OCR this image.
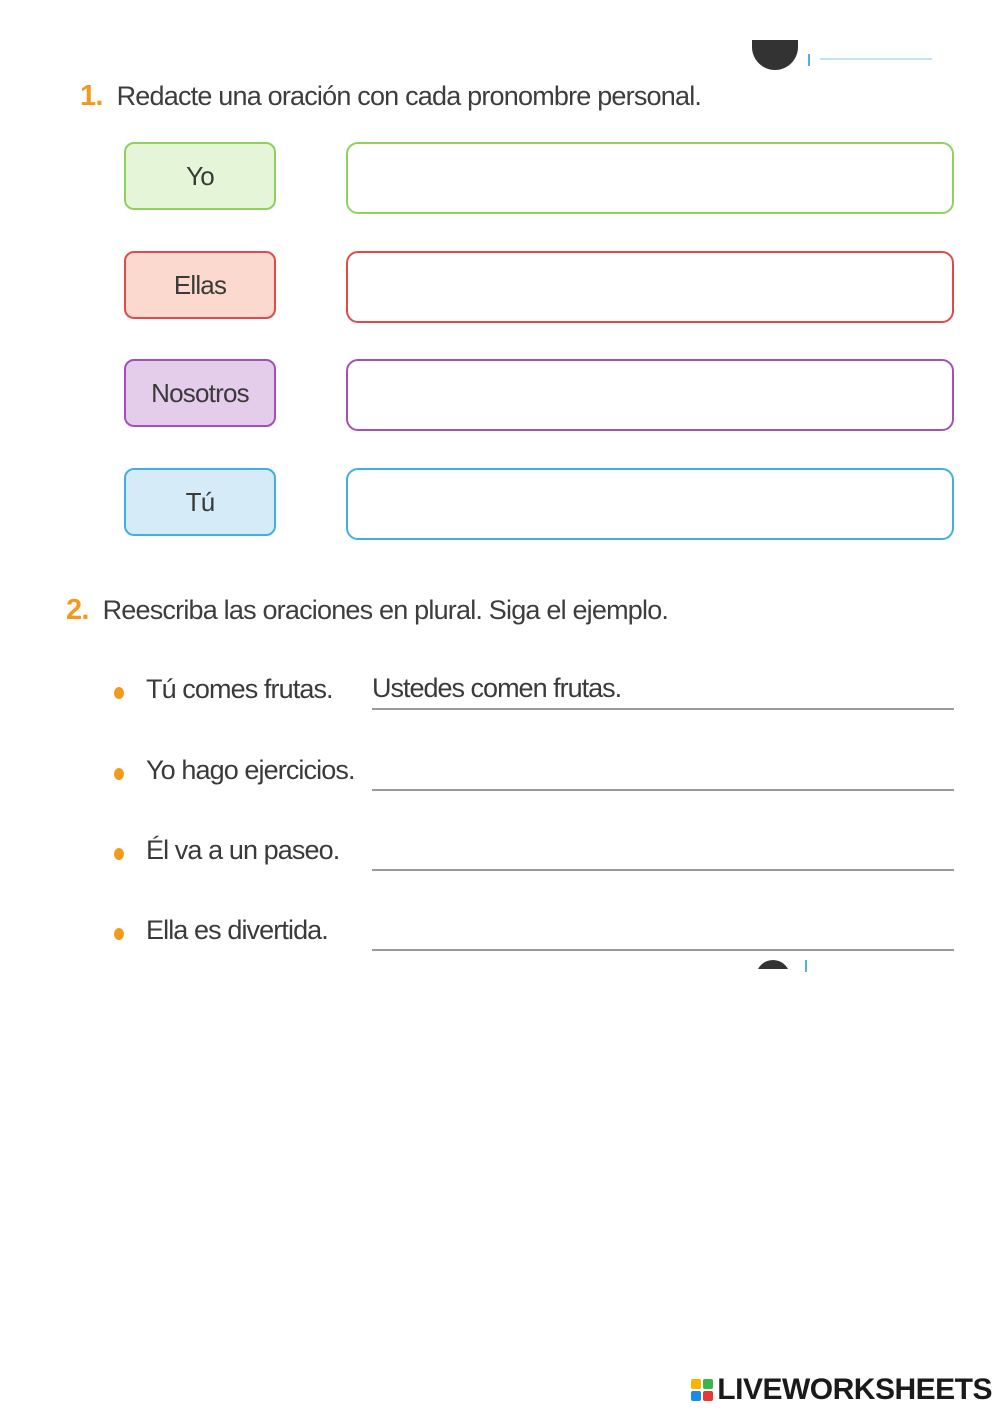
1. Redacte una oración con cada pronombre personal.
Yo
Ellas
Nosotros
Tú
2. Reescriba las oraciones en plural. Siga el ejemplo.
Tú comes frutas.
Ustedes comen frutas.
Yo hago ejercicios.
Él va a un paseo.
Ella es divertida.
LIVEWORKSHEETS
